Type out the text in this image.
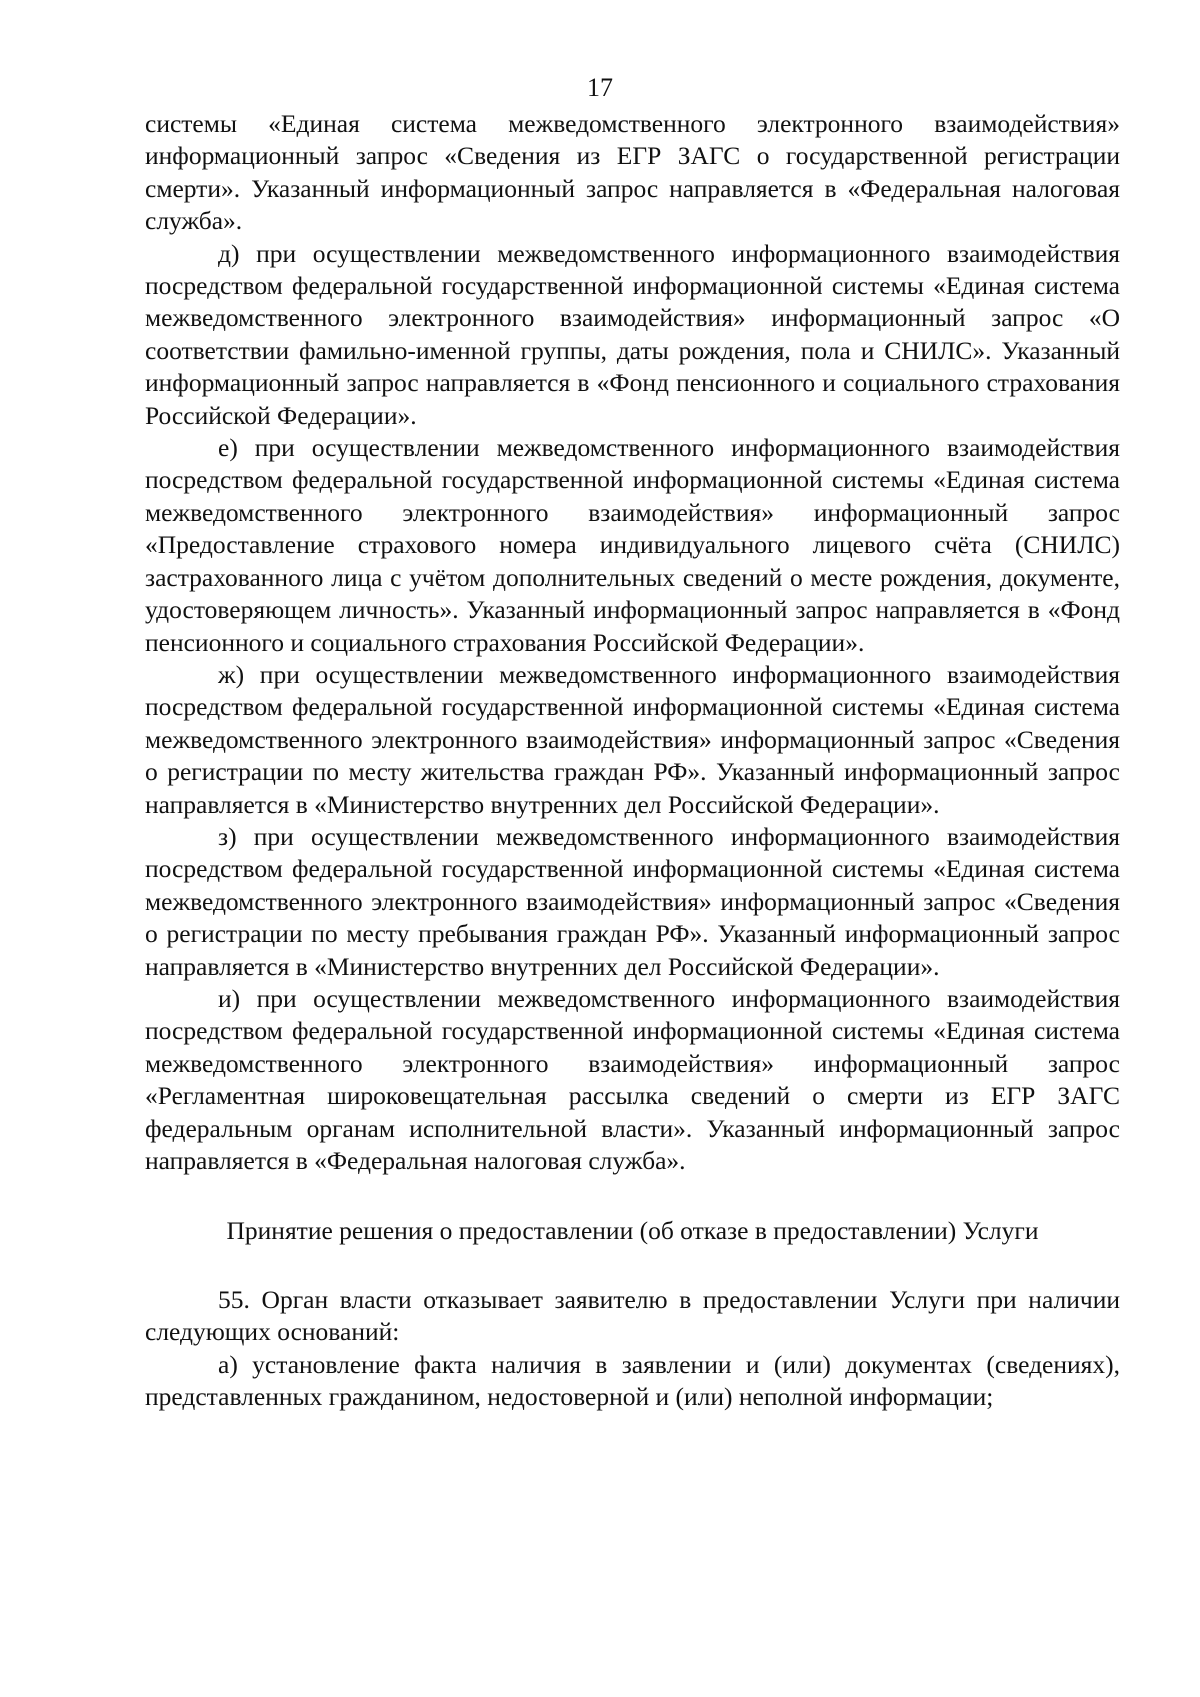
17

системы «Единая система межведомственного электронного взаимодействия» информационный запрос «Сведения из ЕГР ЗАГС о государственной регистрации смерти». Указанный информационный запрос направляется в «Федеральная налоговая служба».

д) при осуществлении межведомственного информационного взаимодействия посредством федеральной государственной информационной системы «Единая система межведомственного электронного взаимодействия» информационный запрос «О соответствии фамильно-именной группы, даты рождения, пола и СНИЛС». Указанный информационный запрос направляется в «Фонд пенсионного и социального страхования Российской Федерации».

е) при осуществлении межведомственного информационного взаимодействия посредством федеральной государственной информационной системы «Единая система межведомственного электронного взаимодействия» информационный запрос «Предоставление страхового номера индивидуального лицевого счёта (СНИЛС) застрахованного лица с учётом дополнительных сведений о месте рождения, документе, удостоверяющем личность». Указанный информационный запрос направляется в «Фонд пенсионного и социального страхования Российской Федерации».

ж) при осуществлении межведомственного информационного взаимодействия посредством федеральной государственной информационной системы «Единая система межведомственного электронного взаимодействия» информационный запрос «Сведения о регистрации по месту жительства граждан РФ». Указанный информационный запрос направляется в «Министерство внутренних дел Российской Федерации».

з) при осуществлении межведомственного информационного взаимодействия посредством федеральной государственной информационной системы «Единая система межведомственного электронного взаимодействия» информационный запрос «Сведения о регистрации по месту пребывания граждан РФ». Указанный информационный запрос направляется в «Министерство внутренних дел Российской Федерации».

и) при осуществлении межведомственного информационного взаимодействия посредством федеральной государственной информационной системы «Единая система межведомственного электронного взаимодействия» информационный запрос «Регламентная широковещательная рассылка сведений о смерти из ЕГР ЗАГС федеральным органам исполнительной власти». Указанный информационный запрос направляется в «Федеральная налоговая служба».

Принятие решения о предоставлении (об отказе в предоставлении) Услуги

55. Орган власти отказывает заявителю в предоставлении Услуги при наличии следующих оснований:

а) установление факта наличия в заявлении и (или) документах (сведениях), представленных гражданином, недостоверной и (или) неполной информации;
